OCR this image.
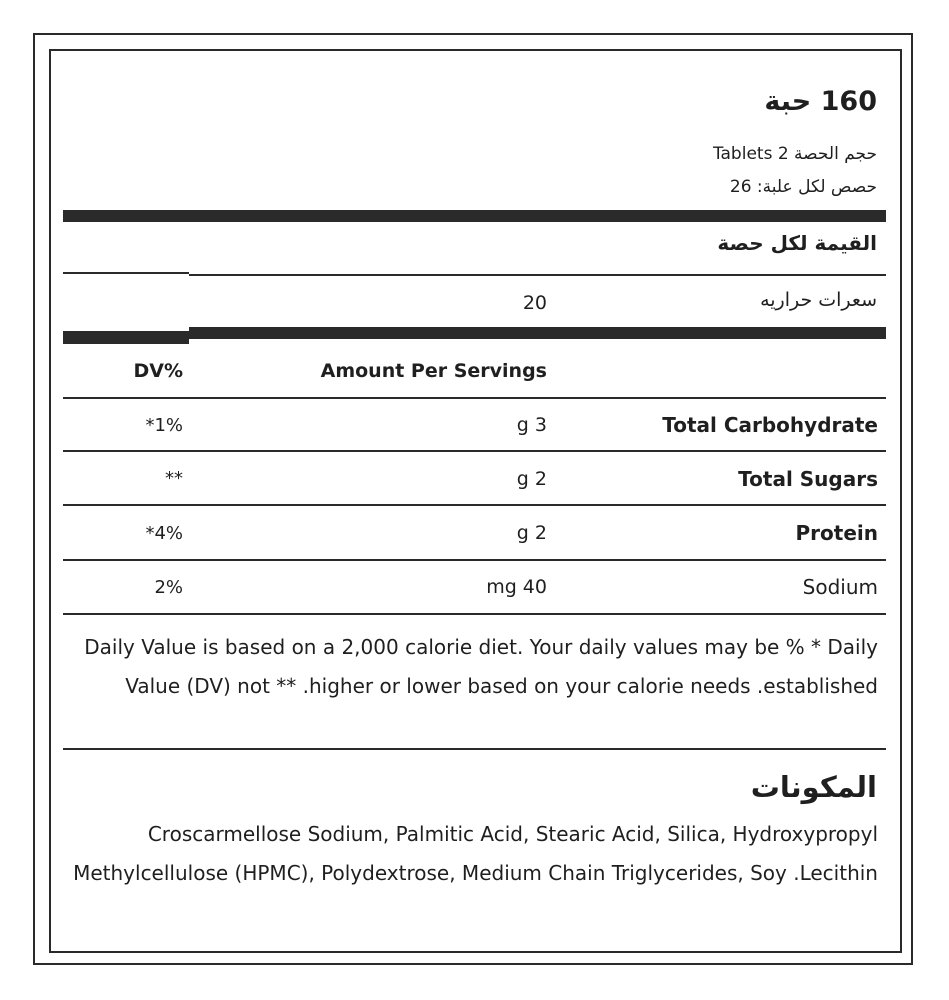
160 حبة
حجم الحصة 2 Tablets
حصص لكل علبة: 26
القيمة لكل حصة
سعرات حراريه
20
DV%	Amount Per Servings
Total Carbohydrate
g 3
*1%
Total Sugars
g 2
**
Protein
g 2
*4%
Sodium
mg 40
2%
Daily Value is based on a 2,000 calorie diet. Your daily values may be % * Daily Value (DV) not ** .higher or lower based on your calorie needs .established
المكونات
Croscarmellose Sodium, Palmitic Acid, Stearic Acid, Silica, Hydroxypropyl Methylcellulose (HPMC), Polydextrose, Medium Chain Triglycerides, Soy .Lecithin
